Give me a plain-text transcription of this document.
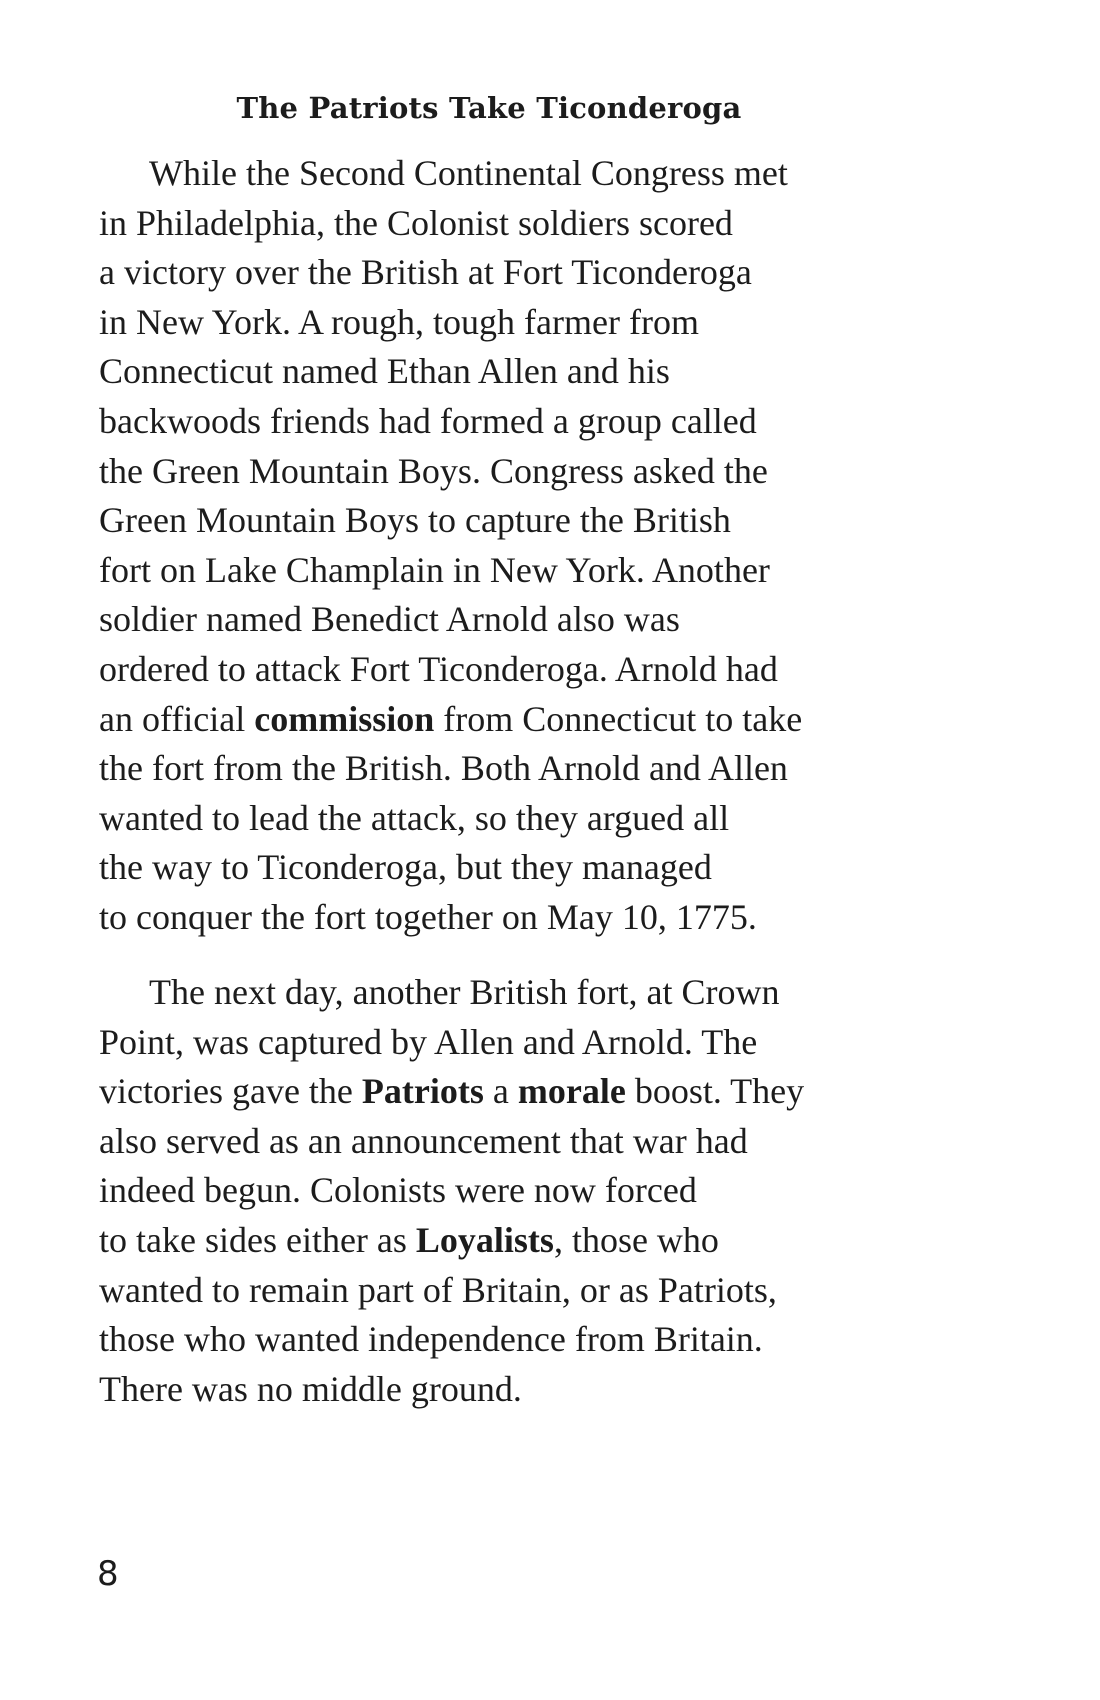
The Patriots Take Ticonderoga
While the Second Continental Congress met
in Philadelphia, the Colonist soldiers scored
a victory over the British at Fort Ticonderoga
in New York. A rough, tough farmer from
Connecticut named Ethan Allen and his
backwoods friends had formed a group called
the Green Mountain Boys. Congress asked the
Green Mountain Boys to capture the British
fort on Lake Champlain in New York. Another
soldier named Benedict Arnold also was
ordered to attack Fort Ticonderoga. Arnold had
an official commission from Connecticut to take
the fort from the British. Both Arnold and Allen
wanted to lead the attack, so they argued all
the way to Ticonderoga, but they managed
to conquer the fort together on May 10, 1775.
The next day, another British fort, at Crown
Point, was captured by Allen and Arnold. The
victories gave the Patriots a morale boost. They
also served as an announcement that war had
indeed begun. Colonists were now forced
to take sides either as Loyalists, those who
wanted to remain part of Britain, or as Patriots,
those who wanted independence from Britain.
There was no middle ground.
8
